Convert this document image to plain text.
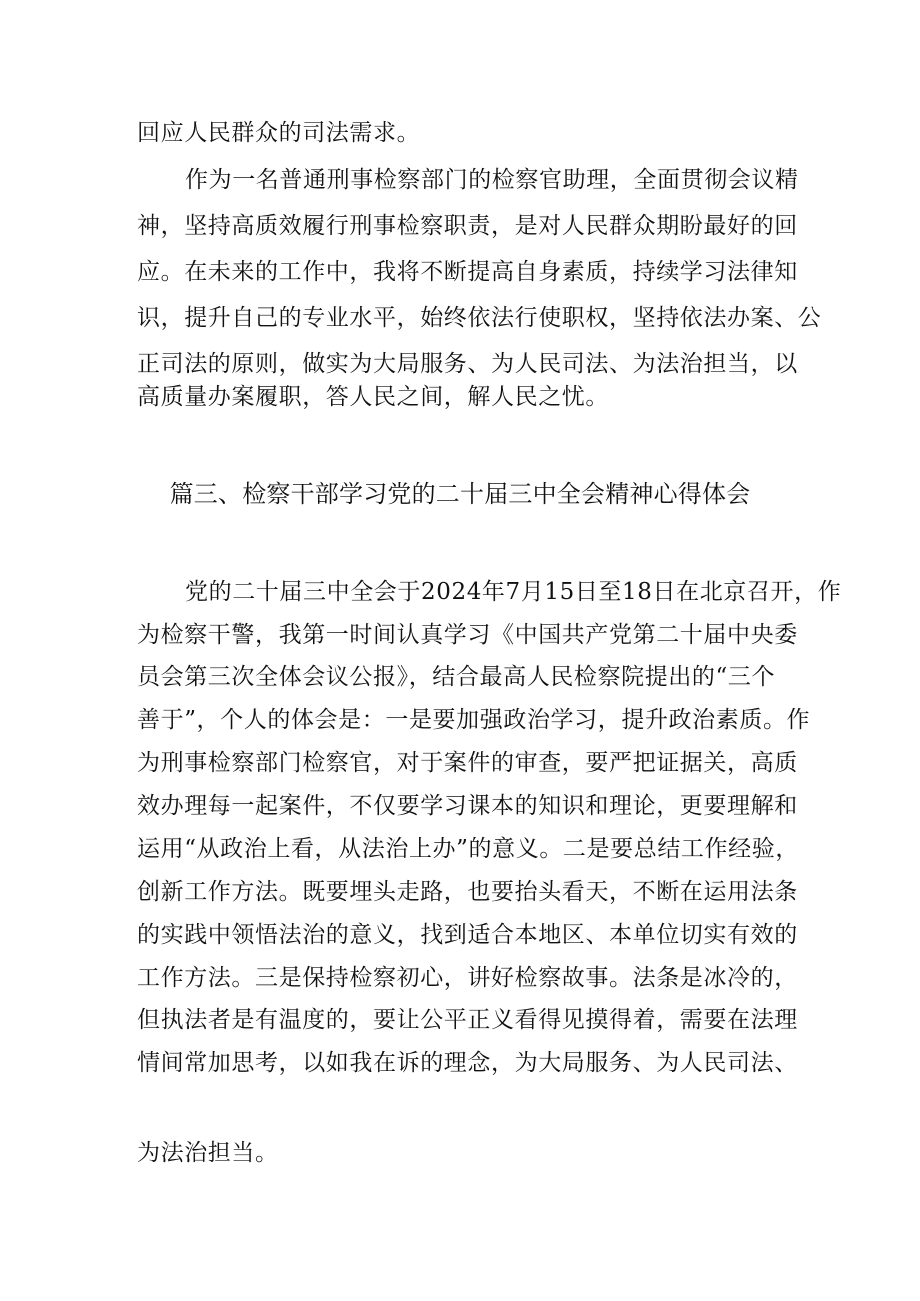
回应人民群众的司法需求。
作为一名普通刑事检察部门的检察官助理，全面贯彻会议精
神，坚持高质效履行刑事检察职责，是对人民群众期盼最好的回
应。在未来的工作中，我将不断提高自身素质，持续学习法律知
识，提升自己的专业水平，始终依法行使职权，坚持依法办案、公
正司法的原则，做实为大局服务、为人民司法、为法治担当，以
高质量办案履职，答人民之间，解人民之忧。
篇三、检察干部学习党的二十届三中全会精神心得体会
党的二十届三中全会于2024年7月15日至18日在北京召开，作
为检察干警，我第一时间认真学习《中国共产党第二十届中央委
员会第三次全体会议公报》，结合最高人民检察院提出的“三个
善于”，个人的体会是：一是要加强政治学习，提升政治素质。作
为刑事检察部门检察官，对于案件的审查，要严把证据关，高质
效办理每一起案件，不仅要学习课本的知识和理论，更要理解和
运用“从政治上看，从法治上办”的意义。二是要总结工作经验，
创新工作方法。既要埋头走路，也要抬头看天，不断在运用法条
的实践中领悟法治的意义，找到适合本地区、本单位切实有效的
工作方法。三是保持检察初心，讲好检察故事。法条是冰冷的，
但执法者是有温度的，要让公平正义看得见摸得着，需要在法理
情间常加思考，以如我在诉的理念，为大局服务、为人民司法、
为法治担当。
